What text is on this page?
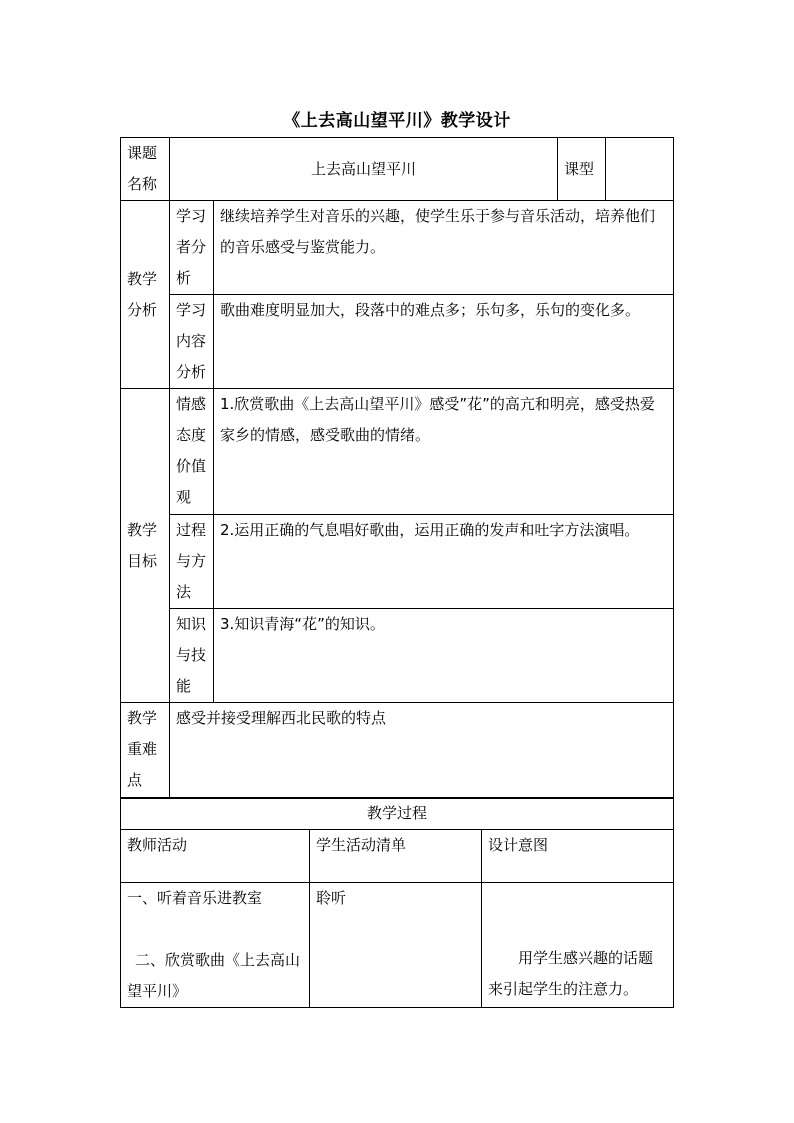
《上去高山望平川》教学设计
课题名称	上去高山望平川		课型	
教学分析	学习者分析	继续培养学生对音乐的兴趣，使学生乐于参与音乐活动，培养他们的音乐感受与鉴赏能力。		
	学习内容分析	歌曲难度明显加大，段落中的难点多；乐句多，乐句的变化多。		
教学目标	情感态度价值观	1.欣赏歌曲《上去高山望平川》感受”花”的高亢和明亮，感受热爱家乡的情感，感受歌曲的情绪。		
	过程与方法	2.运用正确的气息唱好歌曲，运用正确的发声和吐字方法演唱。		
	知识与技能	3.知识青海“花”的知识。		
教学重难点	感受并接受理解西北民歌的特点			
教学过程		
教师活动	学生活动清单	设计意图

一、听着音乐进教室
二、欣赏歌曲《上去高山望平川》	聆听	用学生感兴趣的话题来引起学生的注意力。
